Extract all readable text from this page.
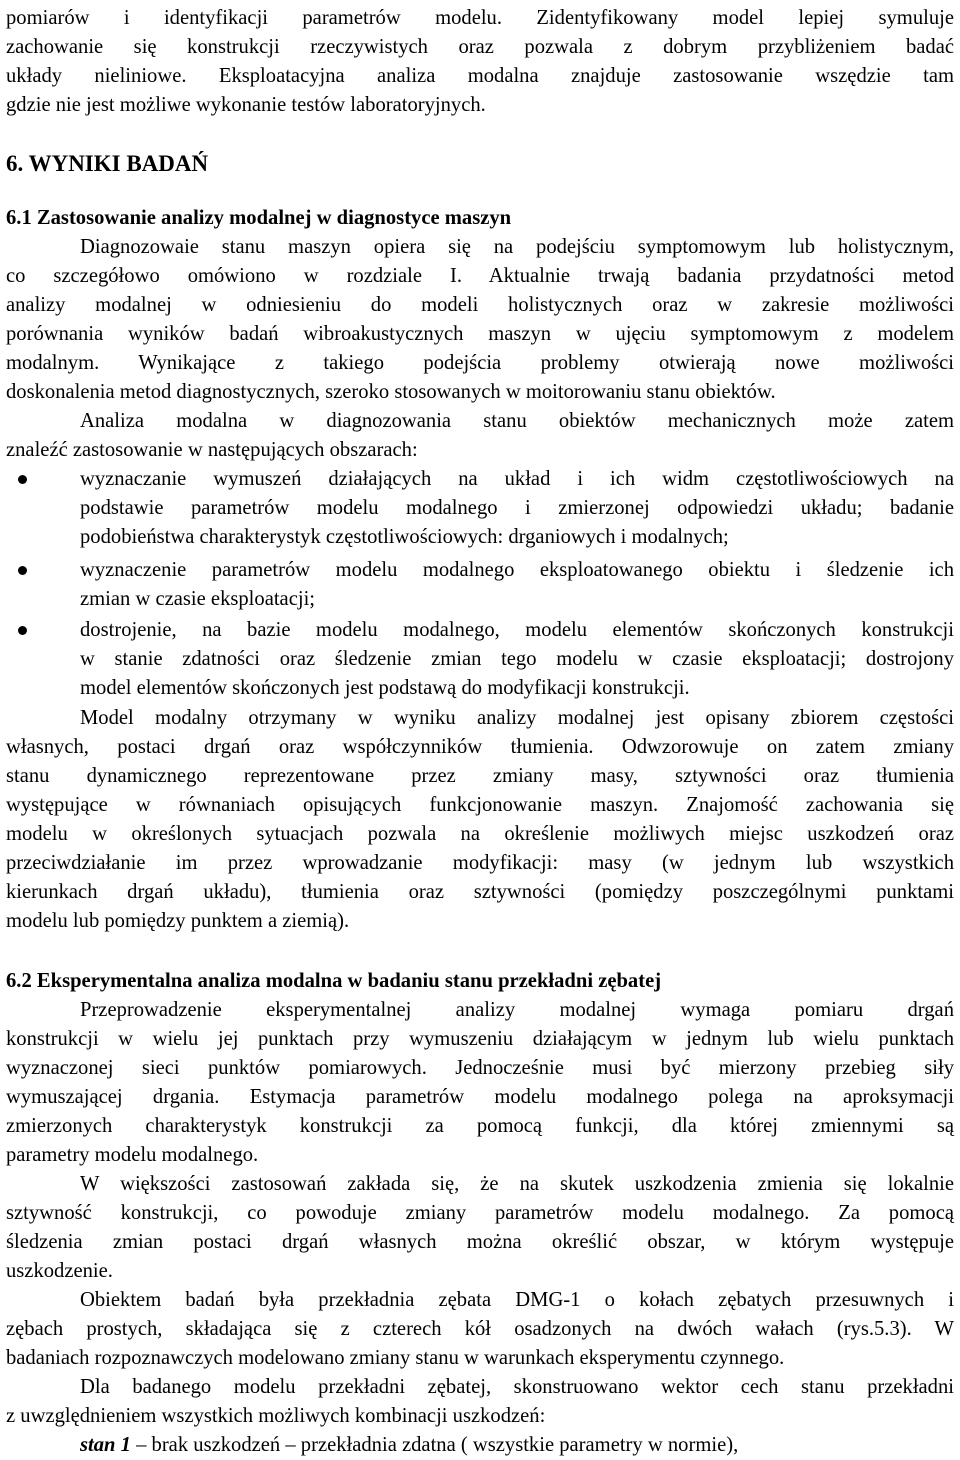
pomiarów i identyfikacji parametrów modelu. Zidentyfikowany model lepiej symuluje
zachowanie się konstrukcji rzeczywistych oraz pozwala z dobrym przybliżeniem badać
układy nieliniowe. Eksploatacyjna analiza modalna znajduje zastosowanie wszędzie tam
gdzie nie jest możliwe wykonanie testów laboratoryjnych.
6. WYNIKI BADAŃ
6.1 Zastosowanie analizy modalnej w diagnostyce maszyn
Diagnozowaie stanu maszyn opiera się na podejściu symptomowym lub holistycznym,
co szczegółowo omówiono w rozdziale I. Aktualnie trwają badania przydatności metod
analizy modalnej w odniesieniu do modeli holistycznych oraz w zakresie możliwości
porównania wyników badań wibroakustycznych maszyn w ujęciu symptomowym z modelem
modalnym. Wynikające z takiego podejścia problemy otwierają nowe możliwości
doskonalenia metod diagnostycznych, szeroko stosowanych w moitorowaniu stanu obiektów.
Analiza modalna w diagnozowania stanu obiektów mechanicznych może zatem
znaleźć zastosowanie w następujących obszarach:
wyznaczanie wymuszeń działających na układ i ich widm częstotliwościowych na
podstawie parametrów modelu modalnego i zmierzonej odpowiedzi układu; badanie
podobieństwa charakterystyk częstotliwościowych: drganiowych i modalnych;
wyznaczenie parametrów modelu modalnego eksploatowanego obiektu i śledzenie ich
zmian w czasie eksploatacji;
dostrojenie, na bazie modelu modalnego, modelu elementów skończonych konstrukcji
w stanie zdatności oraz śledzenie zmian tego modelu w czasie eksploatacji; dostrojony
model elementów skończonych jest podstawą do modyfikacji konstrukcji.
Model modalny otrzymany w wyniku analizy modalnej jest opisany zbiorem częstości
własnych, postaci drgań oraz współczynników tłumienia. Odwzorowuje on zatem zmiany
stanu dynamicznego reprezentowane przez zmiany masy, sztywności oraz tłumienia
występujące w równaniach opisujących funkcjonowanie maszyn. Znajomość zachowania się
modelu w określonych sytuacjach pozwala na określenie możliwych miejsc uszkodzeń oraz
przeciwdziałanie im przez wprowadzanie modyfikacji: masy (w jednym lub wszystkich
kierunkach drgań układu), tłumienia oraz sztywności (pomiędzy poszczególnymi punktami
modelu lub pomiędzy punktem a ziemią).
6.2 Eksperymentalna analiza modalna w badaniu stanu przekładni zębatej
Przeprowadzenie eksperymentalnej analizy modalnej wymaga pomiaru drgań
konstrukcji w wielu jej punktach przy wymuszeniu działającym w jednym lub wielu punktach
wyznaczonej sieci punktów pomiarowych. Jednocześnie musi być mierzony przebieg siły
wymuszającej drgania. Estymacja parametrów modelu modalnego polega na aproksymacji
zmierzonych charakterystyk konstrukcji za pomocą funkcji, dla której zmiennymi są
parametry modelu modalnego.
W większości zastosowań zakłada się, że na skutek uszkodzenia zmienia się lokalnie
sztywność konstrukcji, co powoduje zmiany parametrów modelu modalnego. Za pomocą
śledzenia zmian postaci drgań własnych można określić obszar, w którym występuje
uszkodzenie.
Obiektem badań była przekładnia zębata DMG-1 o kołach zębatych przesuwnych i
zębach prostych, składająca się z czterech kół osadzonych na dwóch wałach (rys.5.3). W
badaniach rozpoznawczych modelowano zmiany stanu w warunkach eksperymentu czynnego.
Dla badanego modelu przekładni zębatej, skonstruowano wektor cech stanu przekładni
z uwzględnieniem wszystkich możliwych kombinacji uszkodzeń:
stan 1 – brak uszkodzeń – przekładnia zdatna ( wszystkie parametry w normie),
